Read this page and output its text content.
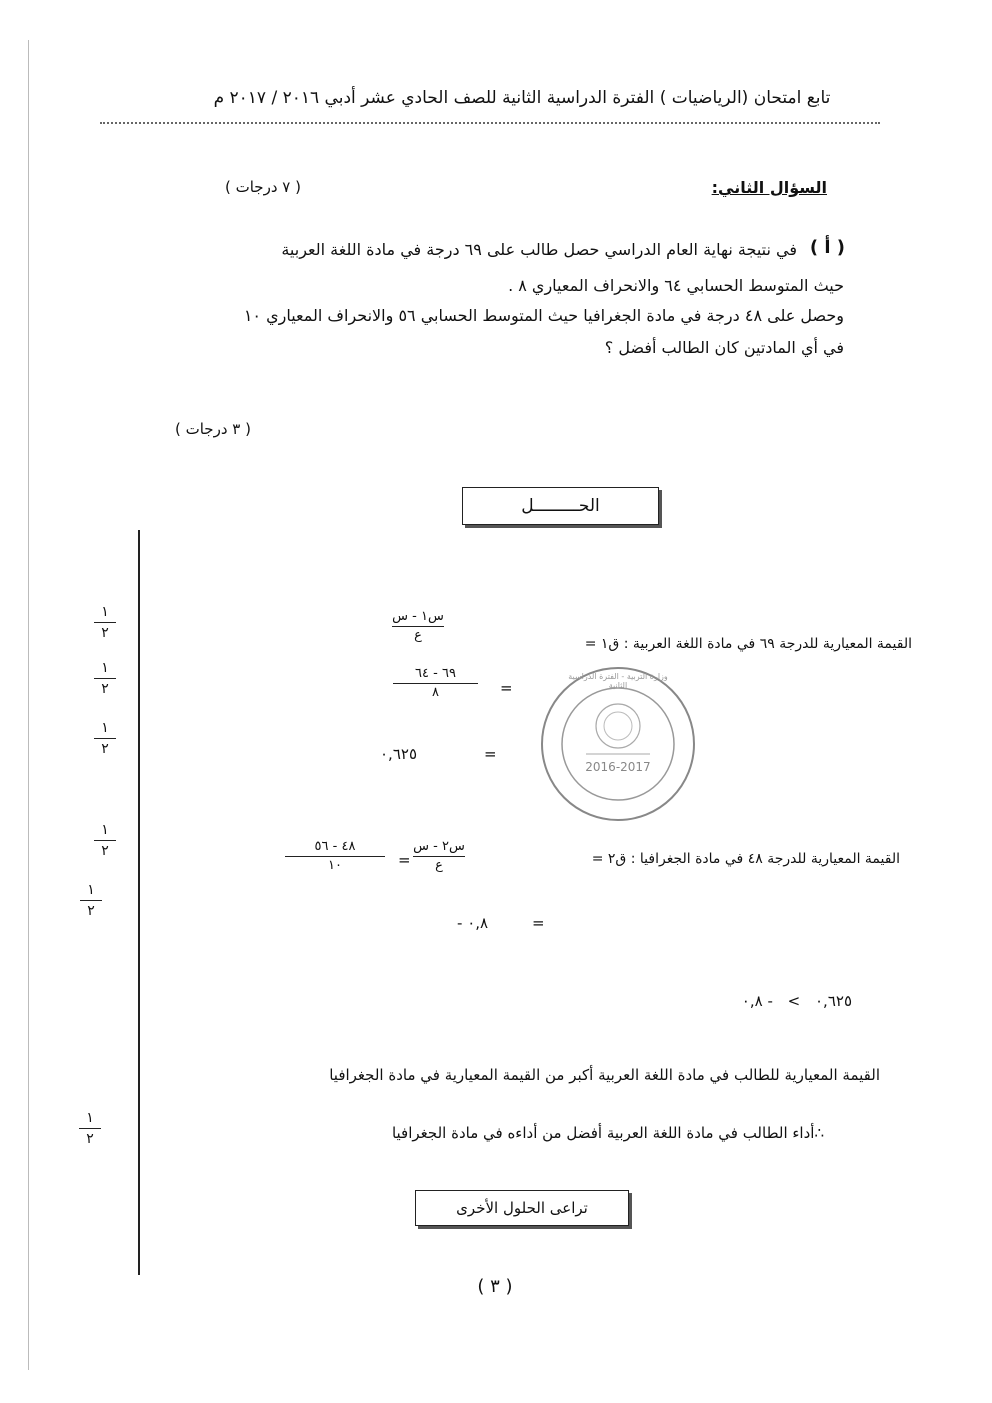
تابع امتحان (الرياضيات ) الفترة الدراسية الثانية للصف الحادي عشر أدبي ٢٠١٦ / ٢٠١٧ م
السؤال الثاني:
( ٧ درجات )
( أ )
في نتيجة نهاية العام الدراسي حصل طالب على ٦٩ درجة في مادة اللغة العربية
حيث المتوسط الحسابي ٦٤ والانحراف المعياري ٨ .
وحصل على ٤٨ درجة في مادة الجغرافيا حيث المتوسط الحسابي ٥٦ والانحراف المعياري ١٠
في أي المادتين كان الطالب أفضل ؟
( ٣ درجات )
الحـــــــــل
١
٢
١
٢
١
٢
١
٢
١
٢
١
٢
القيمة المعيارية للدرجة ٦٩ في مادة اللغة العربية : ق١ =
س١ - س
ع
٦٩ - ٦٤
٨	=
٠,٦٢٥	=
وزارة التربية - الفترة الدراسية الثانية
2016-2017
القيمة المعيارية للدرجة ٤٨ في مادة الجغرافيا : ق٢ =
س٢ - س
ع
=
٤٨ - ٥٦
١٠
- ٠,٨	=
٠,٦٢٥ > - ٠,٨
القيمة المعيارية للطالب في مادة اللغة العربية أكبر من القيمة المعيارية في مادة الجغرافيا
∴أداء الطالب في مادة اللغة العربية أفضل من أداءه في مادة الجغرافيا
تراعى الحلول الأخرى
( ٣ )
